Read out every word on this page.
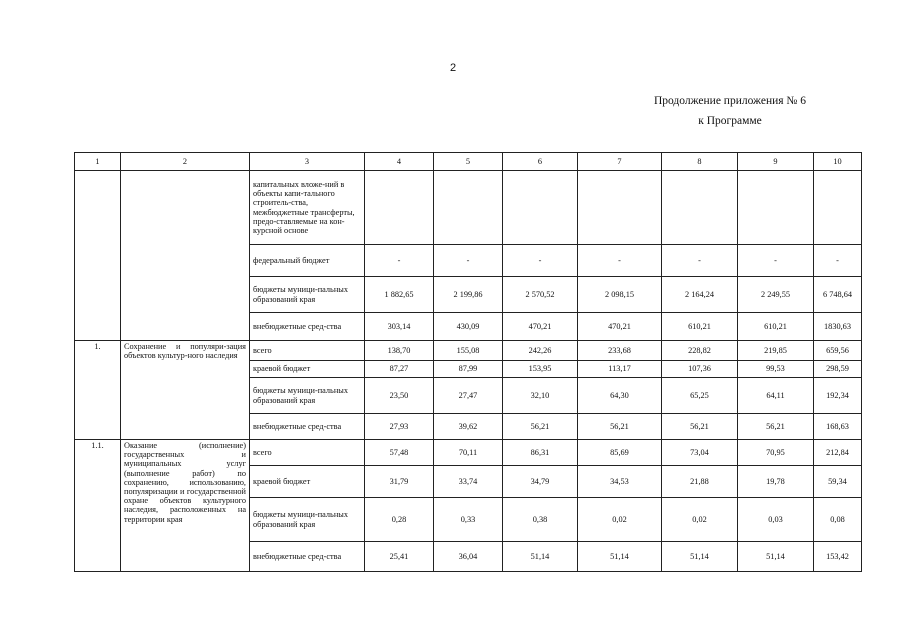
2
Продолжение приложения № 6
к Программе
1	2	3	4	5	6	7	8	9	10
		капитальных вложе-ний в объекты капи-тального строитель-ства, межбюджетные трансферты, предо-ставляемые на кон-курсной основе							
		федеральный бюджет	-	-	-	-	-	-	-
		бюджеты муници-пальных образований края	1 882,65	2 199,86	2 570,52	2 098,15	2 164,24	2 249,55	6 748,64
		внебюджетные сред-ства	303,14	430,09	470,21	470,21	610,21	610,21	1830,63
1.	Сохранение и популяри-зация объектов культур-ного наследия	всего	138,70	155,08	242,26	233,68	228,82	219,85	659,56
		краевой бюджет	87,27	87,99	153,95	113,17	107,36	99,53	298,59
		бюджеты муници-пальных образований края	23,50	27,47	32,10	64,30	65,25	64,11	192,34
		внебюджетные сред-ства	27,93	39,62	56,21	56,21	56,21	56,21	168,63
1.1.	Оказание (исполнение) государственных и муниципальных услуг (выполнение работ) по сохранению, использованию, популяризации и государственной охране объектов культурного наследия, расположенных на территории края	всего	57,48	70,11	86,31	85,69	73,04	70,95	212,84
		краевой бюджет	31,79	33,74	34,79	34,53	21,88	19,78	59,34
		бюджеты муници-пальных образований края	0,28	0,33	0,38	0,02	0,02	0,03	0,08
		внебюджетные сред-ства	25,41	36,04	51,14	51,14	51,14	51,14	153,42
